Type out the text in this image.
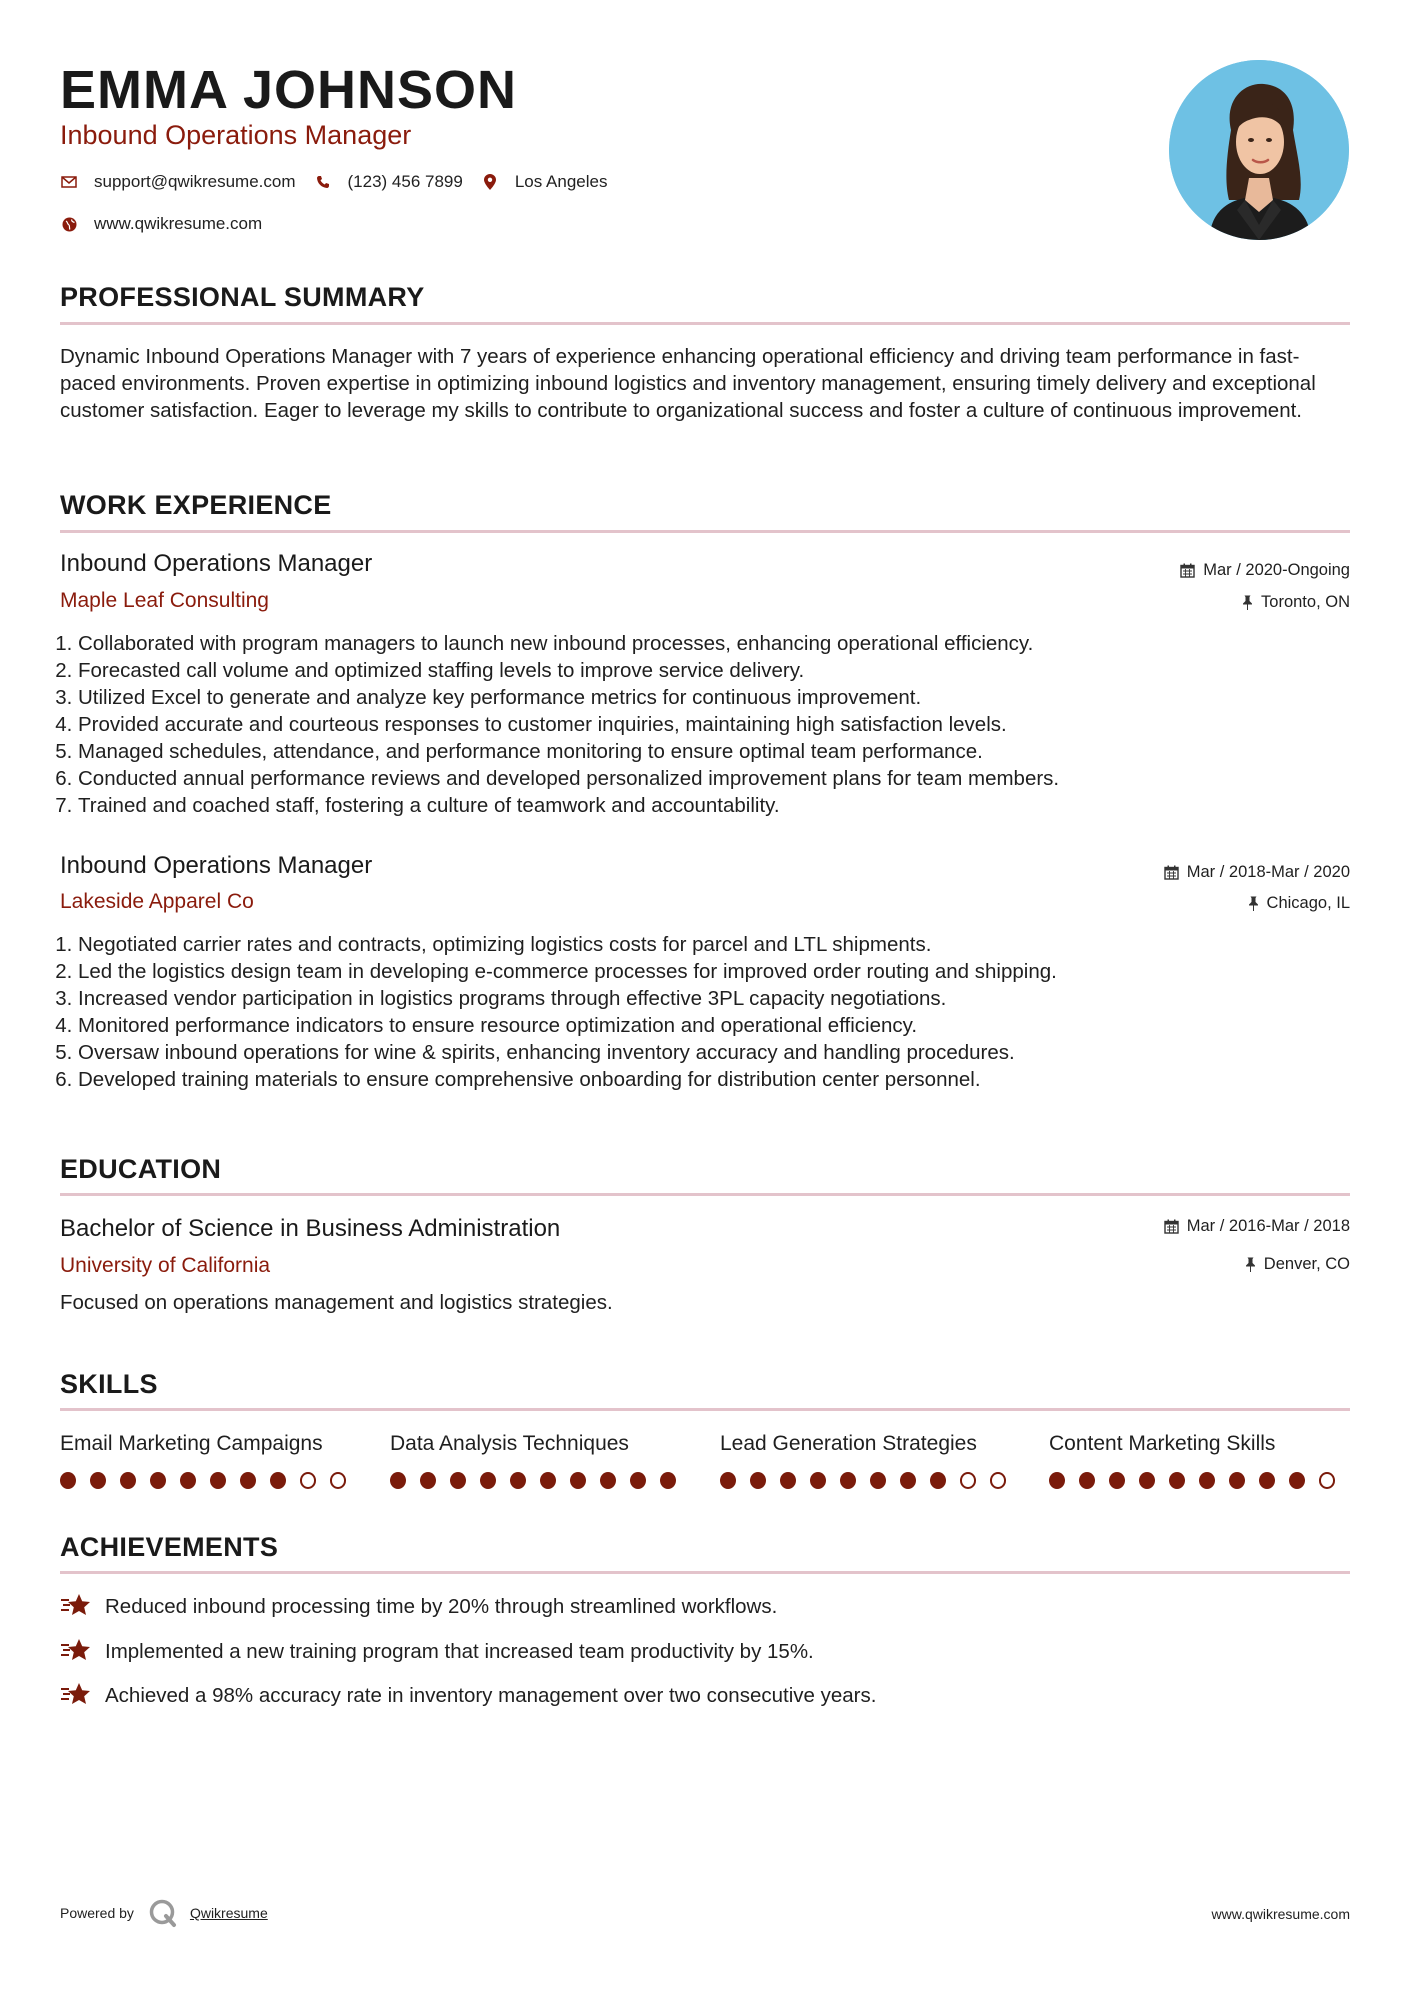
EMMA JOHNSON
Inbound Operations Manager
support@qwikresume.com	(123) 456 7899	Los Angeles
www.qwikresume.com
PROFESSIONAL SUMMARY
Dynamic Inbound Operations Manager with 7 years of experience enhancing operational efficiency and driving team performance in fast-paced environments. Proven expertise in optimizing inbound logistics and inventory management, ensuring timely delivery and exceptional customer satisfaction. Eager to leverage my skills to contribute to organizational success and foster a culture of continuous improvement.
WORK EXPERIENCE
Inbound Operations Manager
Maple Leaf Consulting
Mar / 2020-Ongoing
Toronto, ON
1. Collaborated with program managers to launch new inbound processes, enhancing operational efficiency.
2. Forecasted call volume and optimized staffing levels to improve service delivery.
3. Utilized Excel to generate and analyze key performance metrics for continuous improvement.
4. Provided accurate and courteous responses to customer inquiries, maintaining high satisfaction levels.
5. Managed schedules, attendance, and performance monitoring to ensure optimal team performance.
6. Conducted annual performance reviews and developed personalized improvement plans for team members.
7. Trained and coached staff, fostering a culture of teamwork and accountability.
Inbound Operations Manager
Lakeside Apparel Co
Mar / 2018-Mar / 2020
Chicago, IL
1. Negotiated carrier rates and contracts, optimizing logistics costs for parcel and LTL shipments.
2. Led the logistics design team in developing e-commerce processes for improved order routing and shipping.
3. Increased vendor participation in logistics programs through effective 3PL capacity negotiations.
4. Monitored performance indicators to ensure resource optimization and operational efficiency.
5. Oversaw inbound operations for wine & spirits, enhancing inventory accuracy and handling procedures.
6. Developed training materials to ensure comprehensive onboarding for distribution center personnel.
EDUCATION
Bachelor of Science in Business Administration
University of California
Mar / 2016-Mar / 2018
Denver, CO
Focused on operations management and logistics strategies.
SKILLS
Email Marketing Campaigns	Data Analysis Techniques	Lead Generation Strategies	Content Marketing Skills
ACHIEVEMENTS
Reduced inbound processing time by 20% through streamlined workflows.
Implemented a new training program that increased team productivity by 15%.
Achieved a 98% accuracy rate in inventory management over two consecutive years.
Powered by	Qwikresume	www.qwikresume.com
